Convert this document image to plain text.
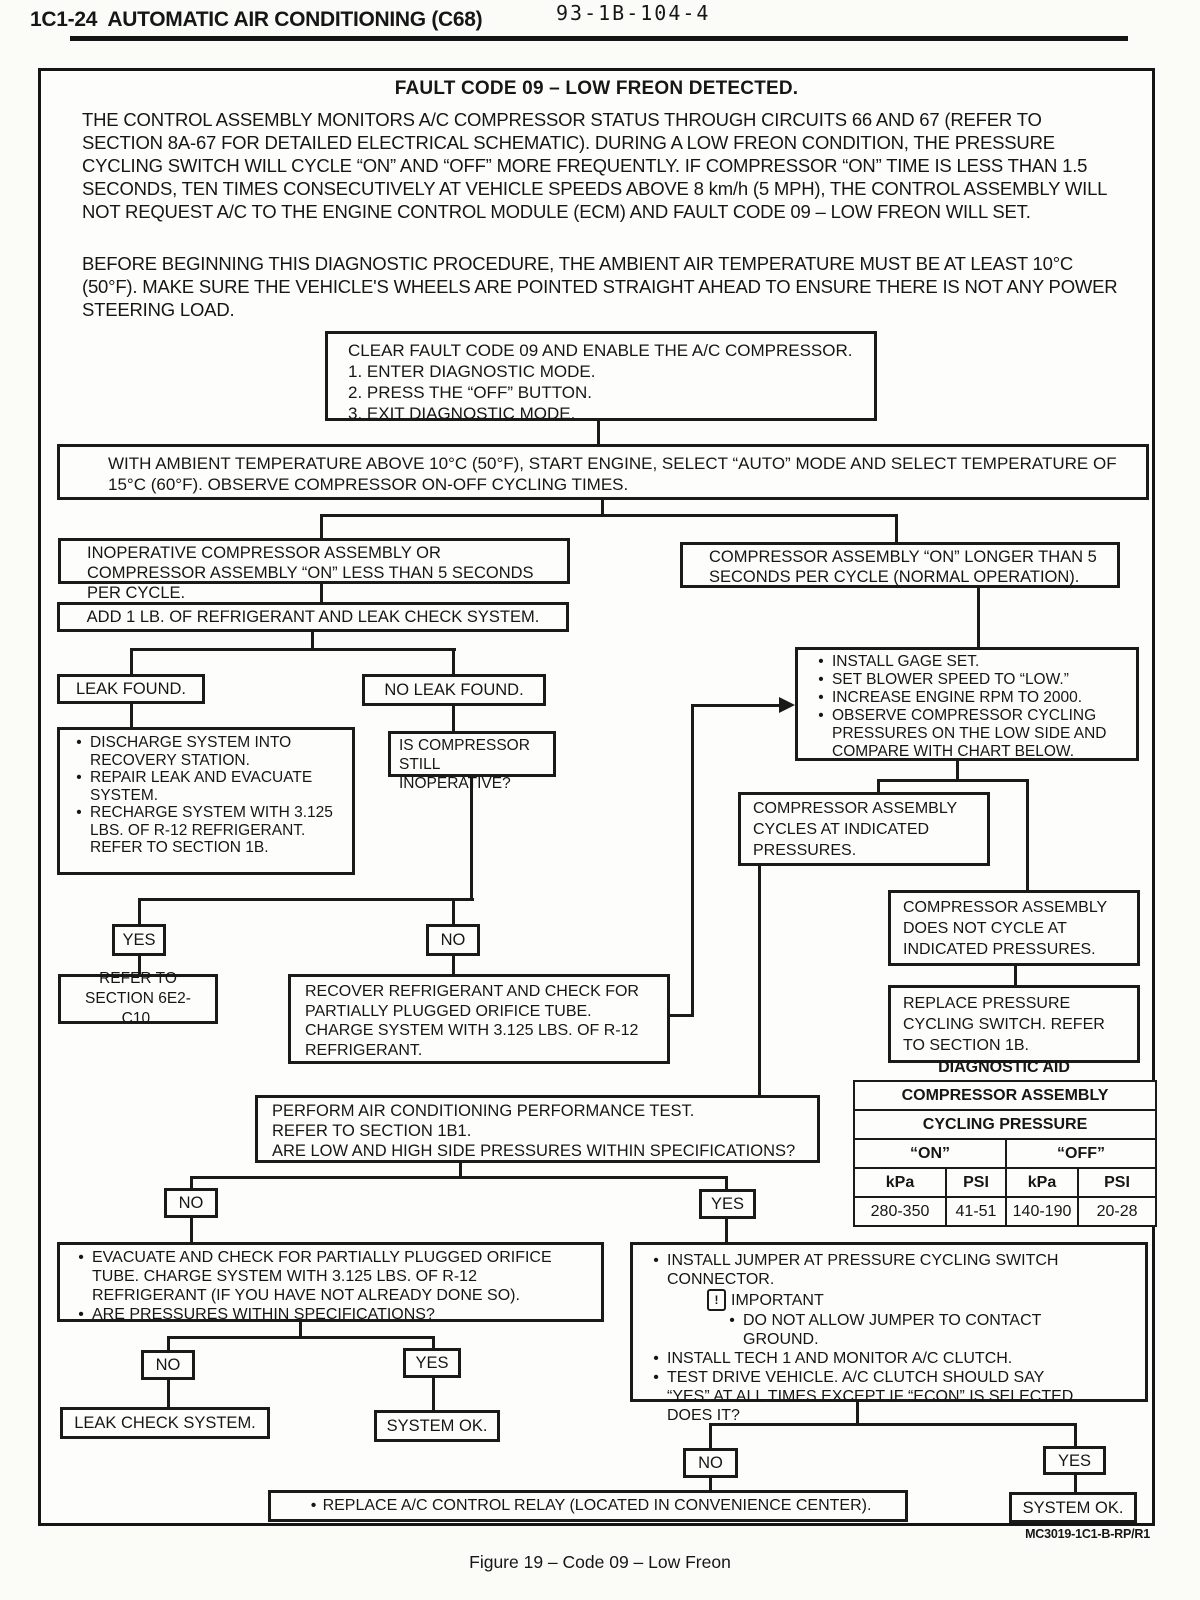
1C1-24  AUTOMATIC AIR CONDITIONING (C68)	93-1B-104-4
FAULT CODE 09 – LOW FREON DETECTED.
THE CONTROL ASSEMBLY MONITORS A/C COMPRESSOR STATUS THROUGH CIRCUITS 66 AND 67 (REFER TO SECTION 8A-67 FOR DETAILED ELECTRICAL SCHEMATIC). DURING A LOW FREON CONDITION, THE PRESSURE CYCLING SWITCH WILL CYCLE “ON” AND “OFF” MORE FREQUENTLY. IF COMPRESSOR “ON” TIME IS LESS THAN 1.5 SECONDS, TEN TIMES CONSECUTIVELY AT VEHICLE SPEEDS ABOVE 8 km/h (5 MPH), THE CONTROL ASSEMBLY WILL NOT REQUEST A/C TO THE ENGINE CONTROL MODULE (ECM) AND FAULT CODE 09 – LOW FREON WILL SET.
BEFORE BEGINNING THIS DIAGNOSTIC PROCEDURE, THE AMBIENT AIR TEMPERATURE MUST BE AT LEAST 10°C (50°F). MAKE SURE THE VEHICLE'S WHEELS ARE POINTED STRAIGHT AHEAD TO ENSURE THERE IS NOT ANY POWER STEERING LOAD.
CLEAR FAULT CODE 09 AND ENABLE THE A/C COMPRESSOR.
1. ENTER DIAGNOSTIC MODE.
2. PRESS THE “OFF” BUTTON.
3. EXIT DIAGNOSTIC MODE.
WITH AMBIENT TEMPERATURE ABOVE 10°C (50°F), START ENGINE, SELECT “AUTO” MODE AND SELECT TEMPERATURE OF 15°C (60°F). OBSERVE COMPRESSOR ON-OFF CYCLING TIMES.
INOPERATIVE COMPRESSOR ASSEMBLY OR COMPRESSOR ASSEMBLY “ON” LESS THAN 5 SECONDS PER CYCLE.
COMPRESSOR ASSEMBLY “ON” LONGER THAN 5 SECONDS PER CYCLE (NORMAL OPERATION).
ADD 1 LB. OF REFRIGERANT AND LEAK CHECK SYSTEM.
LEAK FOUND.	NO LEAK FOUND.
• DISCHARGE SYSTEM INTO RECOVERY STATION.
• REPAIR LEAK AND EVACUATE SYSTEM.
• RECHARGE SYSTEM WITH 3.125 LBS. OF R-12 REFRIGERANT. REFER TO SECTION 1B.
IS COMPRESSOR STILL INOPERATIVE?
• INSTALL GAGE SET.
• SET BLOWER SPEED TO “LOW.”
• INCREASE ENGINE RPM TO 2000.
• OBSERVE COMPRESSOR CYCLING PRESSURES ON THE LOW SIDE AND COMPARE WITH CHART BELOW.
COMPRESSOR ASSEMBLY CYCLES AT INDICATED PRESSURES.
COMPRESSOR ASSEMBLY DOES NOT CYCLE AT INDICATED PRESSURES.
REPLACE PRESSURE CYCLING SWITCH. REFER TO SECTION 1B.
YES	NO
REFER TO SECTION 6E2-C10.
RECOVER REFRIGERANT AND CHECK FOR PARTIALLY PLUGGED ORIFICE TUBE. CHARGE SYSTEM WITH 3.125 LBS. OF R-12 REFRIGERANT.
DIAGNOSTIC AID
COMPRESSOR ASSEMBLY			
CYCLING PRESSURE			
“ON”		“OFF”	
kPa	PSI	kPa	PSI
280-350	41-51	140-190	20-28
PERFORM AIR CONDITIONING PERFORMANCE TEST.
REFER TO SECTION 1B1.
ARE LOW AND HIGH SIDE PRESSURES WITHIN SPECIFICATIONS?
NO	YES
• EVACUATE AND CHECK FOR PARTIALLY PLUGGED ORIFICE TUBE. CHARGE SYSTEM WITH 3.125 LBS. OF R-12 REFRIGERANT (IF YOU HAVE NOT ALREADY DONE SO).
• ARE PRESSURES WITHIN SPECIFICATIONS?
• INSTALL JUMPER AT PRESSURE CYCLING SWITCH CONNECTOR.
! IMPORTANT
• DO NOT ALLOW JUMPER TO CONTACT GROUND.
• INSTALL TECH 1 AND MONITOR A/C CLUTCH.
• TEST DRIVE VEHICLE. A/C CLUTCH SHOULD SAY “YES” AT ALL TIMES EXCEPT IF “ECON” IS SELECTED. DOES IT?
NO	YES
LEAK CHECK SYSTEM.	SYSTEM OK.
NO	YES
• REPLACE A/C CONTROL RELAY (LOCATED IN CONVENIENCE CENTER).	SYSTEM OK.
MC3019-1C1-B-RP/R1
Figure 19 – Code 09 – Low Freon
